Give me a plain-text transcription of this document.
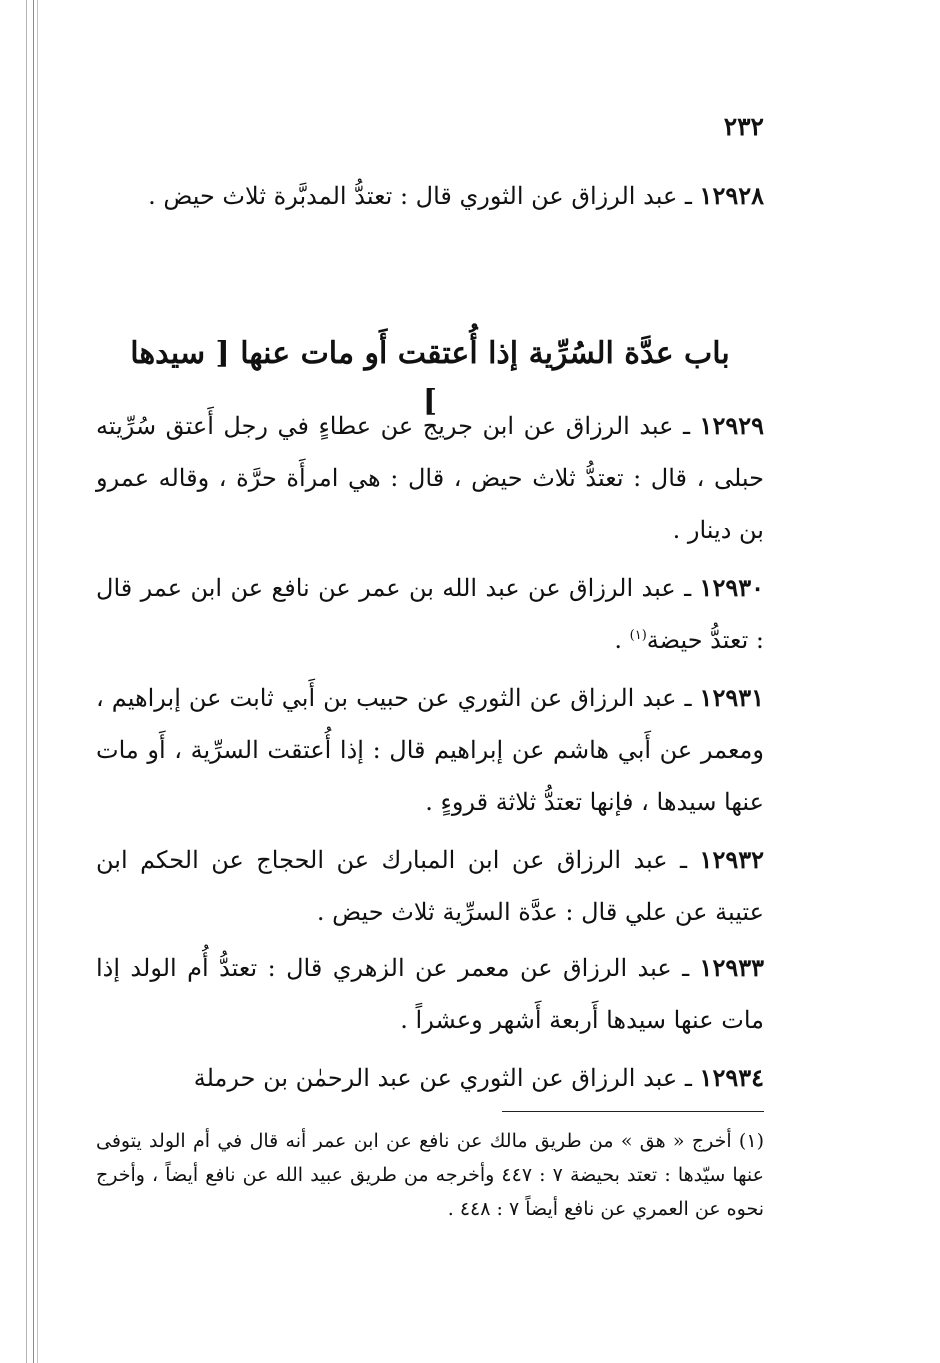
٢٣٢
١٢٩٢٨ ـ عبد الرزاق عن الثوري قال : تعتدُّ المدبَّرة ثلاث حيض .
باب عدَّة السُرِّية إذا أُعتقت أَو مات عنها [ سيدها ]
١٢٩٢٩ ـ عبد الرزاق عن ابن جريج عن عطاءٍ في رجل أَعتق سُرِّيته حبلى ، قال : تعتدُّ ثلاث حيض ، قال : هي امرأَة حرَّة ، وقاله عمرو بن دينار .
١٢٩٣٠ ـ عبد الرزاق عن عبد الله بن عمر عن نافع عن ابن عمر قال : تعتدُّ حيضة$^{(١)}$ .
١٢٩٣١ ـ عبد الرزاق عن الثوري عن حبيب بن أَبي ثابت عن إبراهيم ، ومعمر عن أَبي هاشم عن إبراهيم قال : إذا أُعتقت السرِّية ، أَو مات عنها سيدها ، فإنها تعتدُّ ثلاثة قروءٍ .
١٢٩٣٢ ـ عبد الرزاق عن ابن المبارك عن الحجاج عن الحكم ابن عتيبة عن علي قال : عدَّة السرِّية ثلاث حيض .
١٢٩٣٣ ـ عبد الرزاق عن معمر عن الزهري قال : تعتدُّ أُم الولد إذا مات عنها سيدها أَربعة أَشهر وعشراً .
١٢٩٣٤ ـ عبد الرزاق عن الثوري عن عبد الرحمٰن بن حرملة
(١) أخرج « هق » من طريق مالك عن نافع عن ابن عمر أنه قال في أم الولد يتوفى عنها سيّدها : تعتد بحيضة ٧ : ٤٤٧ وأخرجه من طريق عبيد الله عن نافع أيضاً ، وأخرج نحوه عن العمري عن نافع أيضاً ٧ : ٤٤٨ .
